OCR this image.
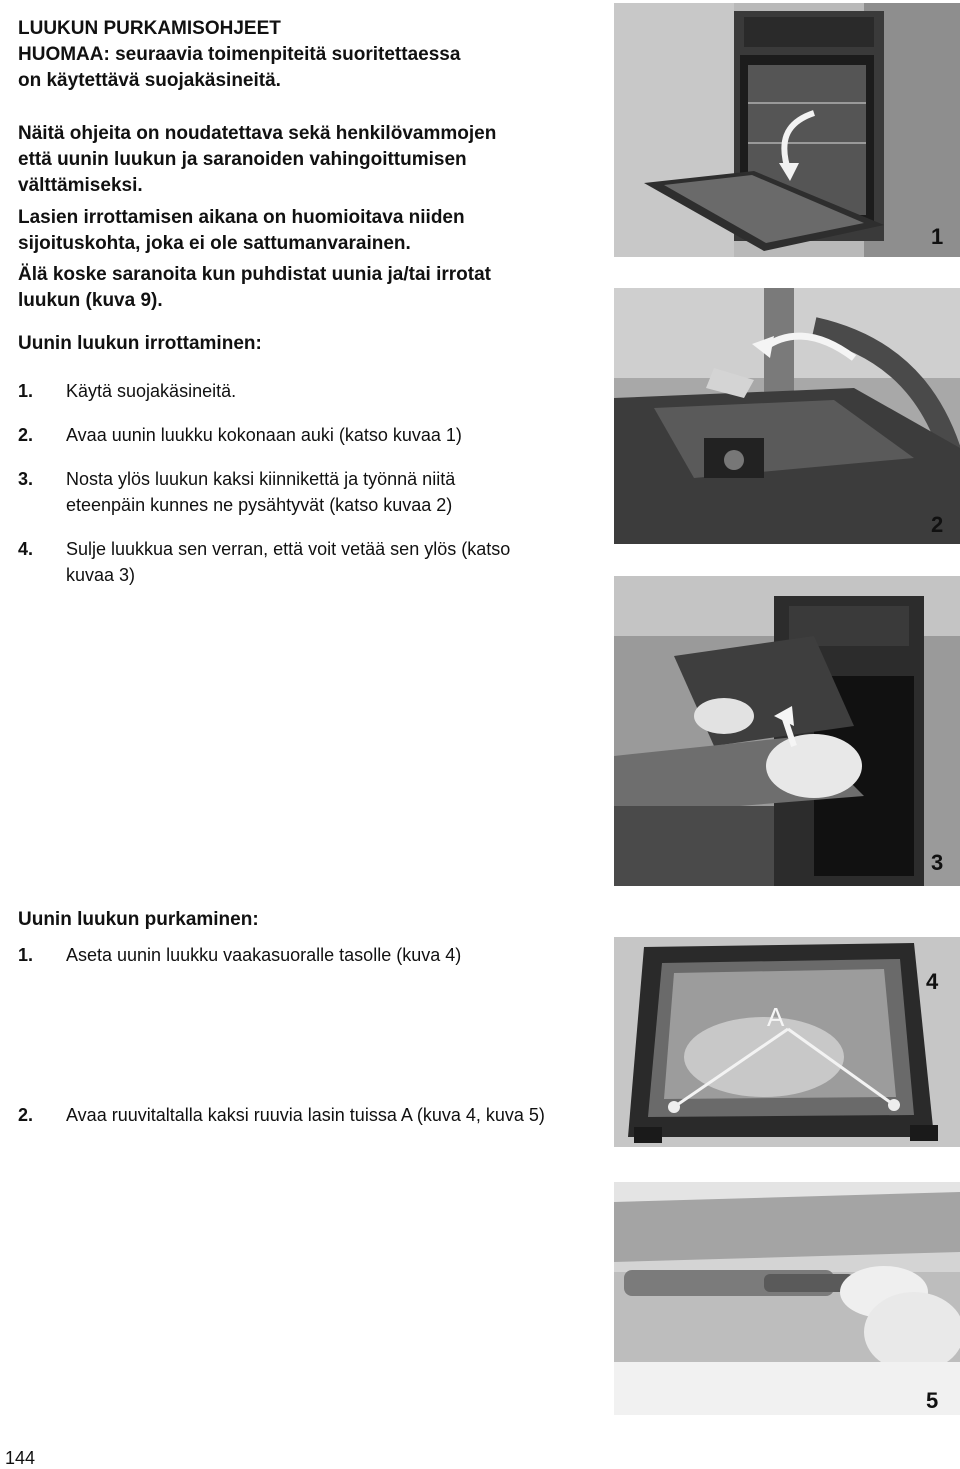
LUUKUN PURKAMISOHJEET
HUOMAA: seuraavia toimenpiteitä suoritettaessa
on käytettävä suojakäsineitä.
Näitä ohjeita on noudatettava sekä henkilövammojen
että uunin luukun ja saranoiden vahingoittumisen
välttämiseksi.
Lasien irrottamisen aikana on huomioitava niiden
sijoituskohta, joka ei ole sattumanvarainen.
Älä koske saranoita kun puhdistat uunia ja/tai irrotat
luukun (kuva 9).
Uunin luukun irrottaminen:
1. Käytä suojakäsineitä.
2. Avaa uunin luukku kokonaan auki (katso kuvaa 1)
3. Nosta ylös luukun kaksi kiinnikettä ja työnnä niitä
eteenpäin kunnes ne pysähtyvät (katso kuvaa 2)
4. Sulje luukkua sen verran, että voit vetää sen ylös (katso
kuvaa 3)
Uunin luukun purkaminen:
1. Aseta uunin luukku vaakasuoralle tasolle (kuva 4)
2. Avaa ruuvitaltalla kaksi ruuvia lasin tuissa A (kuva 4, kuva 5)
1
2
3
A
4
5
144
